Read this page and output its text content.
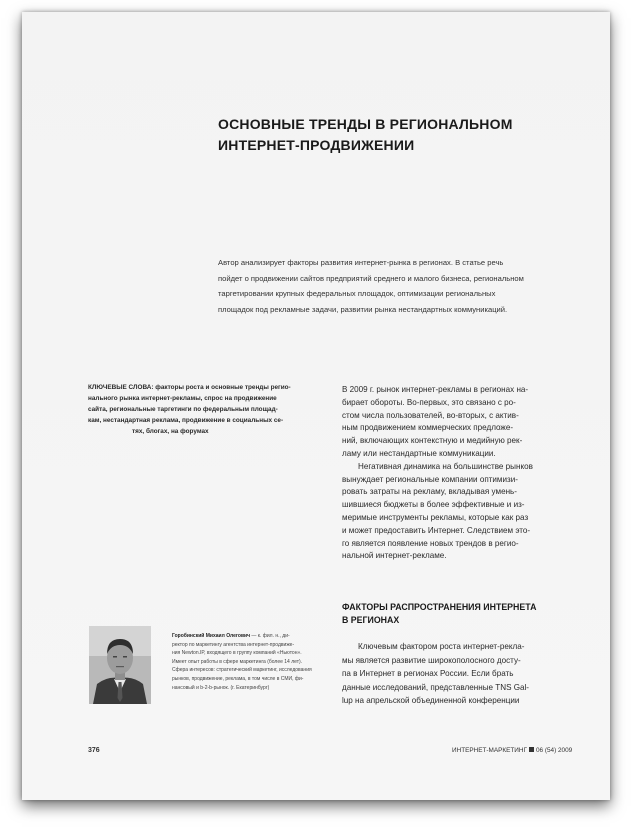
ОСНОВНЫЕ ТРЕНДЫ В РЕГИОНАЛЬНОМ
ИНТЕРНЕТ-ПРОДВИЖЕНИИ
Автор анализирует факторы развития интернет-рынка в регионах. В статье речь
пойдет о продвижении сайтов предприятий среднего и малого бизнеса, региональном
таргетировании крупных федеральных площадок, оптимизации региональных
площадок под рекламные задачи, развитии рынка нестандартных коммуникаций.
КЛЮЧЕВЫЕ СЛОВА: факторы роста и основные тренды регио-
нального рынка интернет-рекламы, спрос на продвижение
сайта, региональные таргетинги по федеральным площад-
кам, нестандартная реклама, продвижение в социальных се-
тях, блогах, на форумах

В 2009 г. рынок интернет-рекламы в регионах на-
бирает обороты. Во-первых, это связано с ро-
стом числа пользователей, во-вторых, с актив-
ным продвижением коммерческих предложе-
ний, включающих контекстную и медийную рек-
ламу или нестандартные коммуникации.

Негативная динамика на большинстве рынков
вынуждает региональные компании оптимизи-
ровать затраты на рекламу, вкладывая умень-
шившиеся бюджеты в более эффективные и из-
меримые инструменты рекламы, которые как раз
и может предоставить Интернет. Следствием это-
го является появление новых трендов в регио-
нальной интернет-рекламе.

ФАКТОРЫ РАСПРОСТРАНЕНИЯ ИНТЕРНЕТА
В РЕГИОНАХ
Ключевым фактором роста интернет-рекла-
мы является развитие широкополосного досту-
па в Интернет в регионах России. Если брать
данные исследований, представленные TNS Gal-
lup на апрельской объединенной конференции
Горобинский Михаил Олегович — к. фил. н., ди-
ректор по маркетингу агентства интернет-продвиже-
ния Newton.IP, входящего в группу компаний «Ньютон».
Имеет опыт работы в сфере маркетинга (более 14 лет).
Сфера интересов: стратегический маркетинг, исследования
рынков, продвижение, реклама, в том числе в СМИ, фи-
нансовый и b-2-b-рынок. (г. Екатеринбург)
376	ИНТЕРНЕТ-МАРКЕТИНГ 06 (54) 2009
